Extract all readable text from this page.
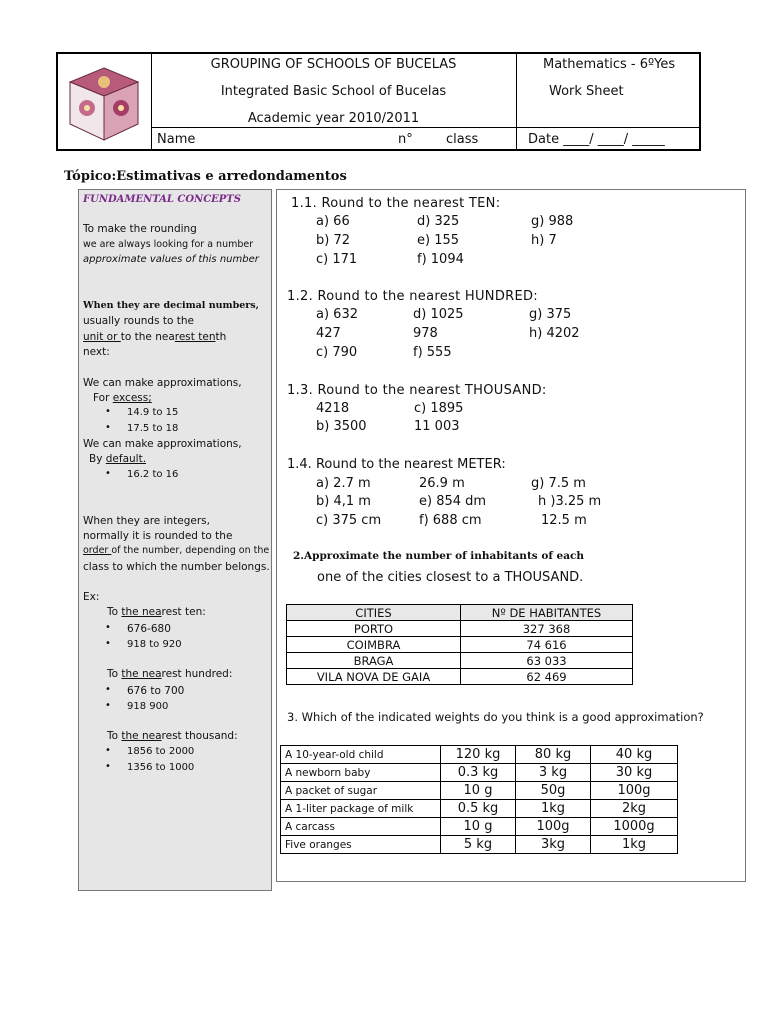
GROUPING OF SCHOOLS OF BUCELAS
Integrated Basic School of Bucelas
Academic year 2010/2011
Name	n°	class
Mathematics - 6ºYes
Work Sheet
Date ____/ ____/ _____
Tópico:Estimativas e arredondamentos
FUNDAMENTAL CONCEPTS
To make the rounding
we are always looking for a number
approximate values of this number
When they are decimal numbers,
usually rounds to the
unit or to the nearest tenth
next:
We can make approximations,
For excess;
• 14.9 to 15
• 17.5 to 18
We can make approximations,
By default.
• 16.2 to 16
When they are integers,
normally it is rounded to the
order of the number, depending on the
class to which the number belongs.
Ex:
To the nearest ten:
• 676-680
• 918 to 920
To the nearest hundred:
• 676 to 700
• 918 900
To the nearest thousand:
• 1856 to 2000
• 1356 to 1000
1.1. Round to the nearest TEN:
a) 66	d) 325	g) 988
b) 72	e) 155	h) 7
c) 171	f) 1094
1.2. Round to the nearest HUNDRED:
a) 632	d) 1025	g) 375
427	978	h) 4202
c) 790	f) 555
1.3. Round to the nearest THOUSAND:
4218	c) 1895
b) 3500	11 003
1.4. Round to the nearest METER:
a) 2.7 m	26.9 m	g) 7.5 m
b) 4,1 m	e) 854 dm	h )3.25 m
c) 375 cm	f) 688 cm	12.5 m
2.Approximate the number of inhabitants of each
one of the cities closest to a THOUSAND.
CITIES	Nº DE HABITANTES
PORTO	327 368
COIMBRA	74 616
BRAGA	63 033
VILA NOVA DE GAIA	62 469
3. Which of the indicated weights do you think is a good approximation?
A 10-year-old child	120 kg	80 kg	40 kg
A newborn baby	0.3 kg	3 kg	30 kg
A packet of sugar	10 g	50g	100g
A 1-liter package of milk	0.5 kg	1kg	2kg
A carcass	10 g	100g	1000g
Five oranges	5 kg	3kg	1kg
